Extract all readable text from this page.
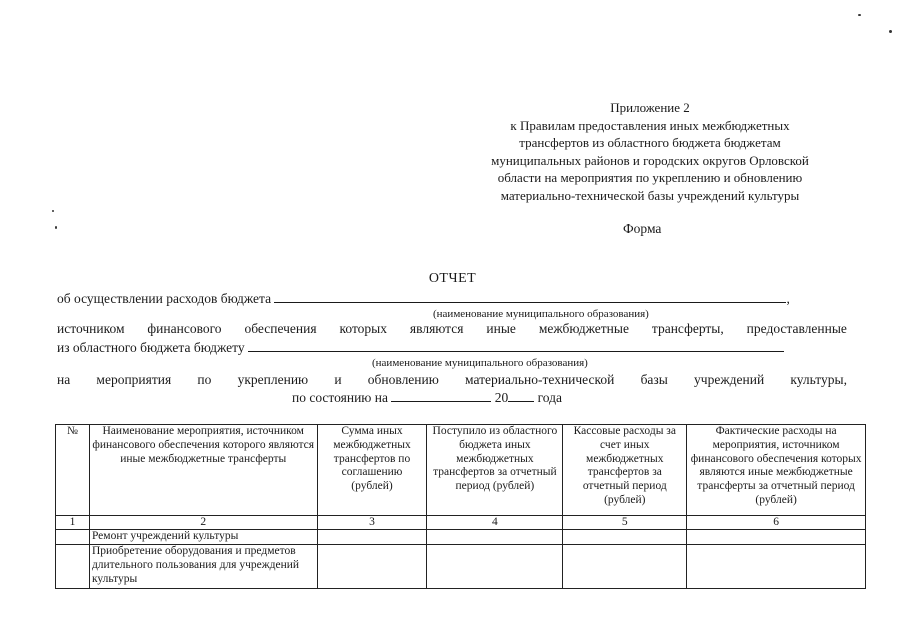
Приложение 2
к Правилам предоставления иных межбюджетных
трансфертов из областного бюджета бюджетам
муниципальных районов и городских округов Орловской
области на мероприятия по укреплению и обновлению
материально-технической базы учреждений культуры
Форма
ОТЧЕТ
об осуществлении расходов бюджета	,
(наименование муниципального образования)
источником финансового обеспечения которых являются иные межбюджетные трансферты, предоставленные
из областного бюджета бюджету
(наименование муниципального образования)
на мероприятия по укреплению и обновлению материально-технической базы учреждений культуры,
по состоянию на	20 года
№	Наименование мероприятия, источником финансового обеспечения которого являются иные межбюджетные трансферты	Сумма иных межбюджетных трансфертов по соглашению (рублей)	Поступило из областного бюджета иных межбюджетных трансфертов за отчетный период (рублей)	Кассовые расходы за счет иных межбюджетных трансфертов за отчетный период (рублей)	Фактические расходы на мероприятия, источником финансового обеспечения которых являются иные межбюджетные трансферты за отчетный период (рублей)
1	2	3	4	5	6
	Ремонт учреждений культуры				
	Приобретение оборудования и предметов длительного пользования для учреждений культуры				
